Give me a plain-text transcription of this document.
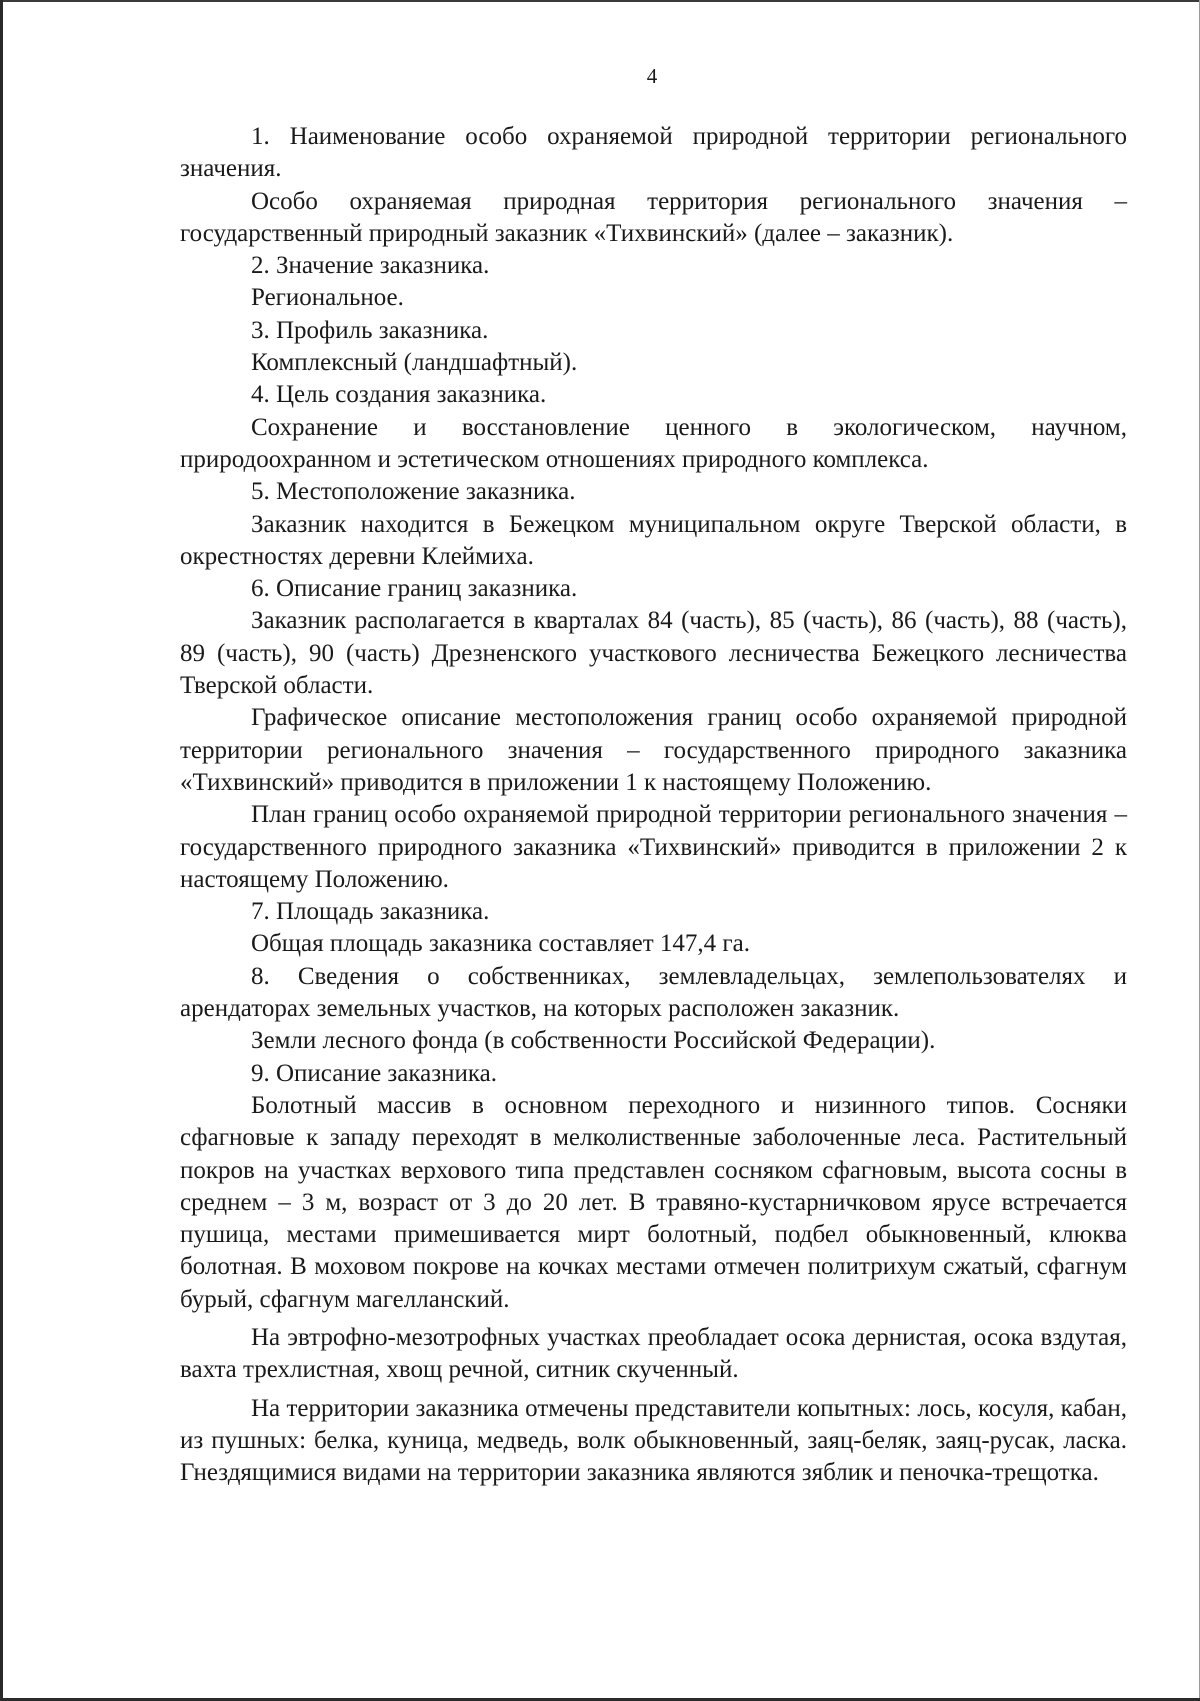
4

1. Наименование особо охраняемой природной территории регионального значения.

Особо охраняемая природная территория регионального значения – государственный природный заказник «Тихвинский» (далее – заказник).

2. Значение заказника.

Региональное.

3. Профиль заказника.

Комплексный (ландшафтный).

4. Цель создания заказника.

Сохранение и восстановление ценного в экологическом, научном, природоохранном и эстетическом отношениях природного комплекса.

5. Местоположение заказника.

Заказник находится в Бежецком муниципальном округе Тверской области, в окрестностях деревни Клеймиха.

6. Описание границ заказника.

Заказник располагается в кварталах 84 (часть), 85 (часть), 86 (часть), 88 (часть), 89 (часть), 90 (часть) Дрезненского участкового лесничества Бежецкого лесничества Тверской области.

Графическое описание местоположения границ особо охраняемой природной территории регионального значения – государственного природного заказника «Тихвинский» приводится в приложении 1 к настоящему Положению.

План границ особо охраняемой природной территории регионального значения – государственного природного заказника «Тихвинский» приводится в приложении 2 к настоящему Положению.

7. Площадь заказника.

Общая площадь заказника составляет 147,4 га.

8. Сведения о собственниках, землевладельцах, землепользователях и арендаторах земельных участков, на которых расположен заказник.

Земли лесного фонда (в собственности Российской Федерации).

9. Описание заказника.

Болотный массив в основном переходного и низинного типов. Сосняки сфагновые к западу переходят в мелколиственные заболоченные леса. Растительный покров на участках верхового типа представлен сосняком сфагновым, высота сосны в среднем – 3 м, возраст от 3 до 20 лет. В травяно-кустарничковом ярусе встречается пушица, местами примешивается мирт болотный, подбел обыкновенный, клюква болотная. В моховом покрове на кочках местами отмечен политрихум сжатый, сфагнум бурый, сфагнум магелланский.

На эвтрофно-мезотрофных участках преобладает осока дернистая, осока вздутая, вахта трехлистная, хвощ речной, ситник скученный.

На территории заказника отмечены представители копытных: лось, косуля, кабан, из пушных: белка, куница, медведь, волк обыкновенный, заяц-беляк, заяц-русак, ласка. Гнездящимися видами на территории заказника являются зяблик и пеночка-трещотка.
